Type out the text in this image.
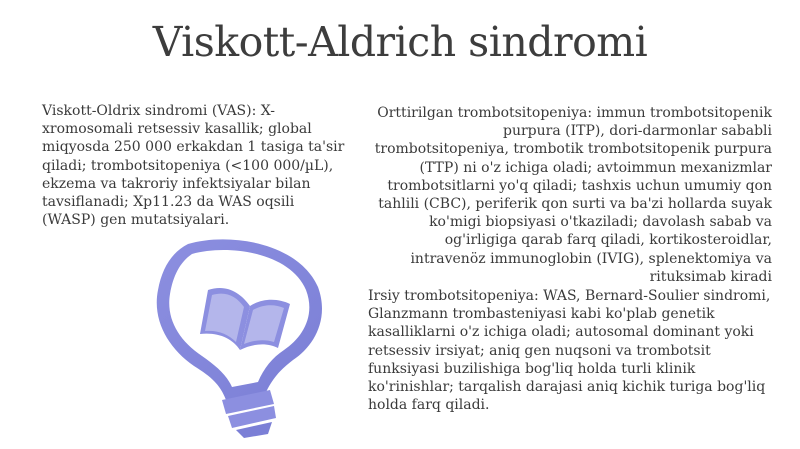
Viskott-Aldrich sindromi
Viskott-Oldrix sindromi (VAS): X-xromosomali retsessiv kasallik; global miqyosda 250 000 erkakdan 1 tasiga ta'sir qiladi; trombotsitopeniya (<100 000/µL), ekzema va takroriy infektsiyalar bilan tavsiflanadi; Xp11.23 da WAS oqsili (WASP) gen mutatsiyalari.
Orttirilgan trombotsitopeniya: immun trombotsitopenik purpura (ITP), dori-darmonlar sababli trombotsitopeniya, trombotik trombotsitopenik purpura (TTP) ni o'z ichiga oladi; avtoimmun mexanizmlar trombotsitlarni yo'q qiladi; tashxis uchun umumiy qon tahlili (CBC), periferik qon surti va ba'zi hollarda suyak ko'migi biopsiyasi o'tkaziladi; davolash sabab va og'irligiga qarab farq qiladi, kortikosteroidlar, intravenöz immunoglobin (IVIG), splenektomiya va rituksimab kiradi
Irsiy trombotsitopeniya: WAS, Bernard-Soulier sindromi, Glanzmann trombasteniyasi kabi ko'plab genetik kasalliklarni o'z ichiga oladi; autosomal dominant yoki retsessiv irsiyat; aniq gen nuqsoni va trombotsit funksiyasi buzilishiga bog'liq holda turli klinik ko'rinishlar; tarqalish darajasi aniq kichik turiga bog'liq holda farq qiladi.
